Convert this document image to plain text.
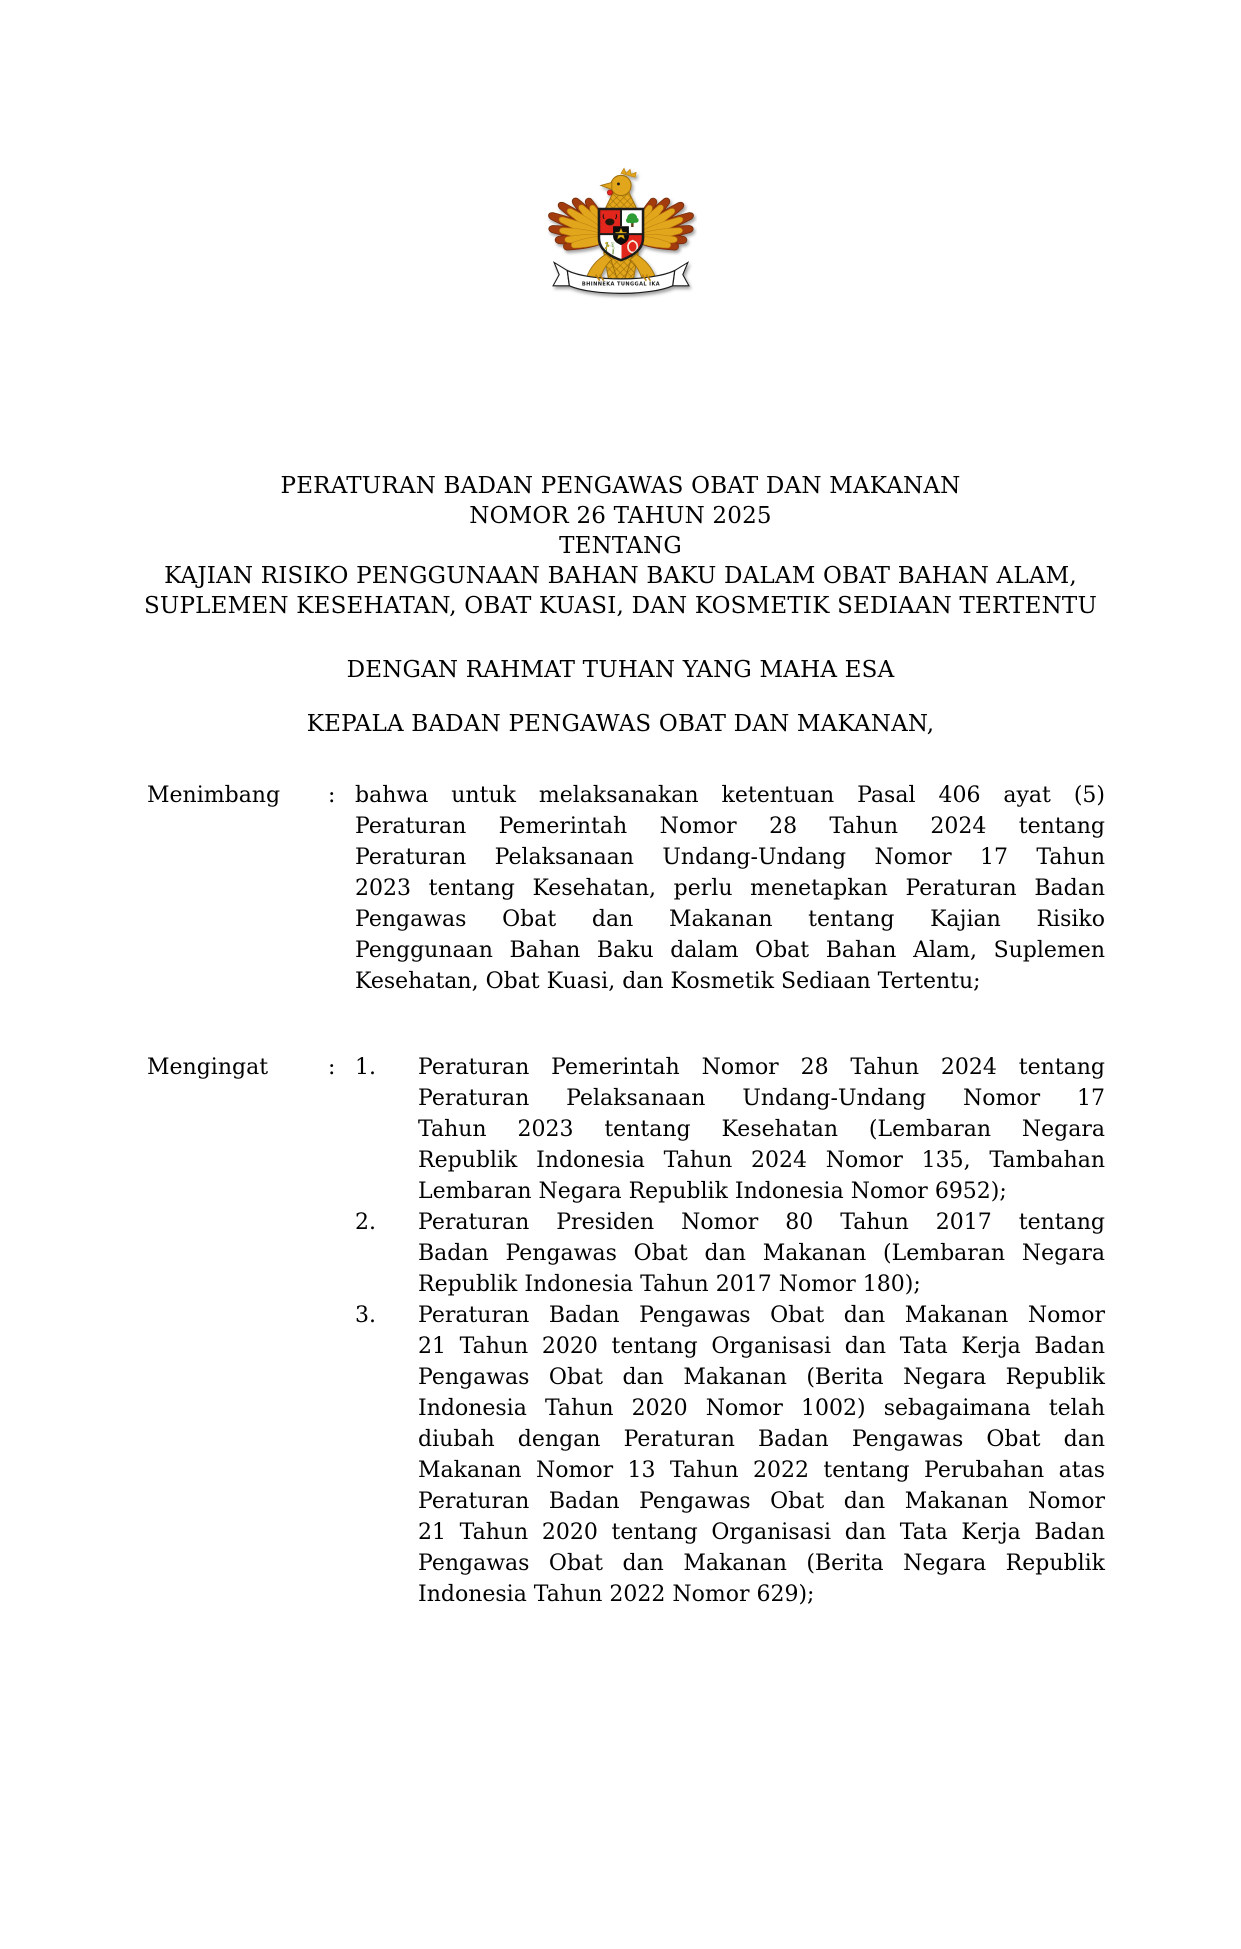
BHINNEKA TUNGGAL IKA
PERATURAN BADAN PENGAWAS OBAT DAN MAKANAN
NOMOR 26 TAHUN 2025
TENTANG
KAJIAN RISIKO PENGGUNAAN BAHAN BAKU DALAM OBAT BAHAN ALAM,
SUPLEMEN KESEHATAN, OBAT KUASI, DAN KOSMETIK SEDIAAN TERTENTU
DENGAN RAHMAT TUHAN YANG MAHA ESA
KEPALA BADAN PENGAWAS OBAT DAN MAKANAN,
Menimbang	: bahwa untuk melaksanakan ketentuan Pasal 406 ayat (5)
Peraturan Pemerintah Nomor 28 Tahun 2024 tentang
Peraturan Pelaksanaan Undang-Undang Nomor 17 Tahun
2023 tentang Kesehatan, perlu menetapkan Peraturan Badan
Pengawas Obat dan Makanan tentang Kajian Risiko
Penggunaan Bahan Baku dalam Obat Bahan Alam, Suplemen
Kesehatan, Obat Kuasi, dan Kosmetik Sediaan Tertentu;
Mengingat	: 1.	Peraturan Pemerintah Nomor 28 Tahun 2024 tentang
Peraturan Pelaksanaan Undang-Undang Nomor 17
Tahun 2023 tentang Kesehatan (Lembaran Negara
Republik Indonesia Tahun 2024 Nomor 135, Tambahan
Lembaran Negara Republik Indonesia Nomor 6952);
2.	Peraturan Presiden Nomor 80 Tahun 2017 tentang
Badan Pengawas Obat dan Makanan (Lembaran Negara
Republik Indonesia Tahun 2017 Nomor 180);
3.	Peraturan Badan Pengawas Obat dan Makanan Nomor
21 Tahun 2020 tentang Organisasi dan Tata Kerja Badan
Pengawas Obat dan Makanan (Berita Negara Republik
Indonesia Tahun 2020 Nomor 1002) sebagaimana telah
diubah dengan Peraturan Badan Pengawas Obat dan
Makanan Nomor 13 Tahun 2022 tentang Perubahan atas
Peraturan Badan Pengawas Obat dan Makanan Nomor
21 Tahun 2020 tentang Organisasi dan Tata Kerja Badan
Pengawas Obat dan Makanan (Berita Negara Republik
Indonesia Tahun 2022 Nomor 629);
